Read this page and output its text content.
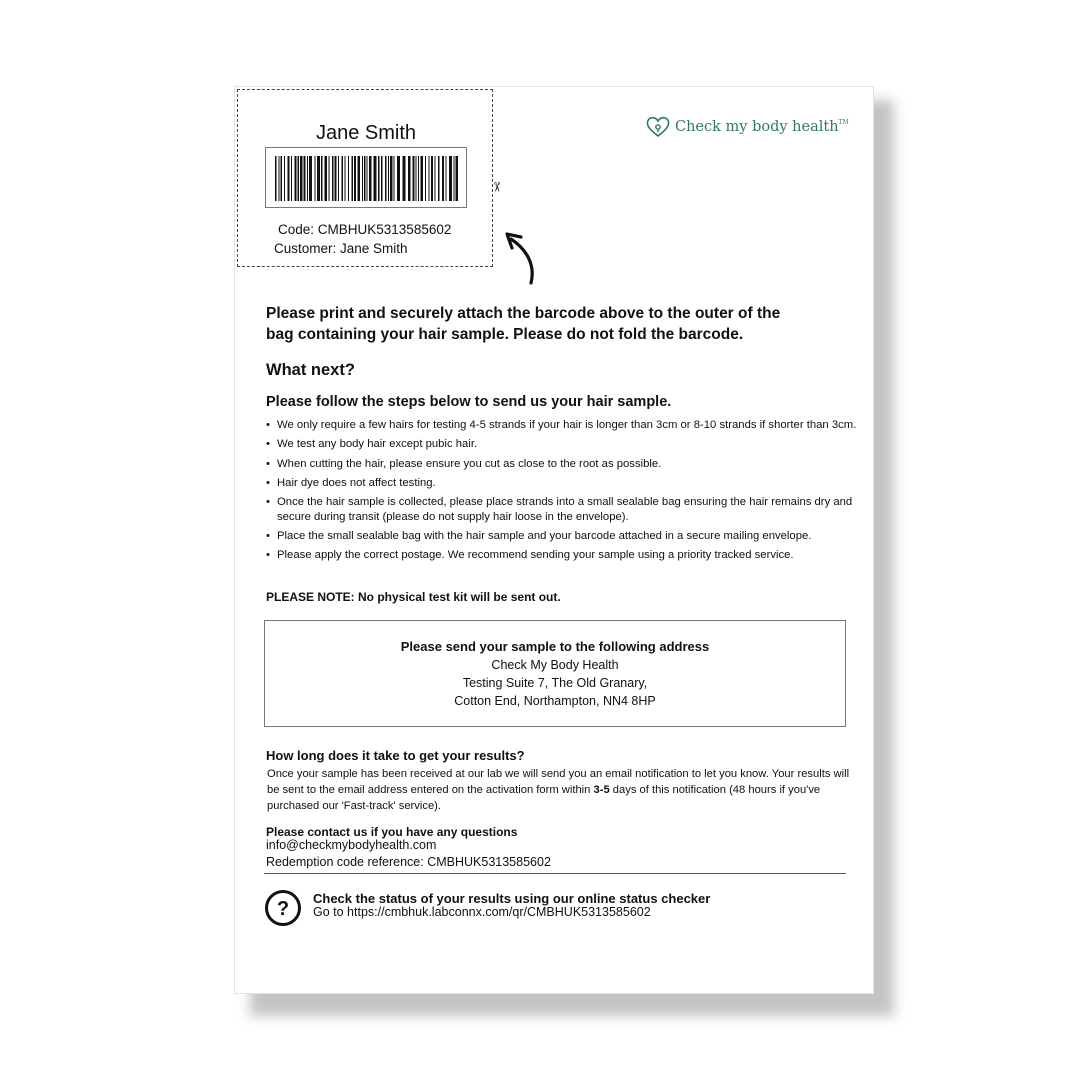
Jane Smith
Code: CMBHUK5313585602
Customer: Jane Smith
✂
Check my body health™
Please print and securely attach the barcode above to the outer of the bag containing your hair sample. Please do not fold the barcode.
What next?
Please follow the steps below to send us your hair sample.
• We only require a few hairs for testing 4-5 strands if your hair is longer than 3cm or 8-10 strands if shorter than 3cm.
• We test any body hair except pubic hair.
• When cutting the hair, please ensure you cut as close to the root as possible.
• Hair dye does not affect testing.
• Once the hair sample is collected, please place strands into a small sealable bag ensuring the hair remains dry and secure during transit (please do not supply hair loose in the envelope).
• Place the small sealable bag with the hair sample and your barcode attached in a secure mailing envelope.
• Please apply the correct postage. We recommend sending your sample using a priority tracked service.
PLEASE NOTE: No physical test kit will be sent out.
Please send your sample to the following address
Check My Body Health
Testing Suite 7, The Old Granary,
Cotton End, Northampton, NN4 8HP
How long does it take to get your results?
Once your sample has been received at our lab we will send you an email notification to let you know. Your results will be sent to the email address entered on the activation form within 3-5 days of this notification (48 hours if you've purchased our 'Fast-track' service).
Please contact us if you have any questions
info@checkmybodyhealth.com
Redemption code reference: CMBHUK5313585602
? Check the status of your results using our online status checker
Go to https://cmbhuk.labconnx.com/qr/CMBHUK5313585602
